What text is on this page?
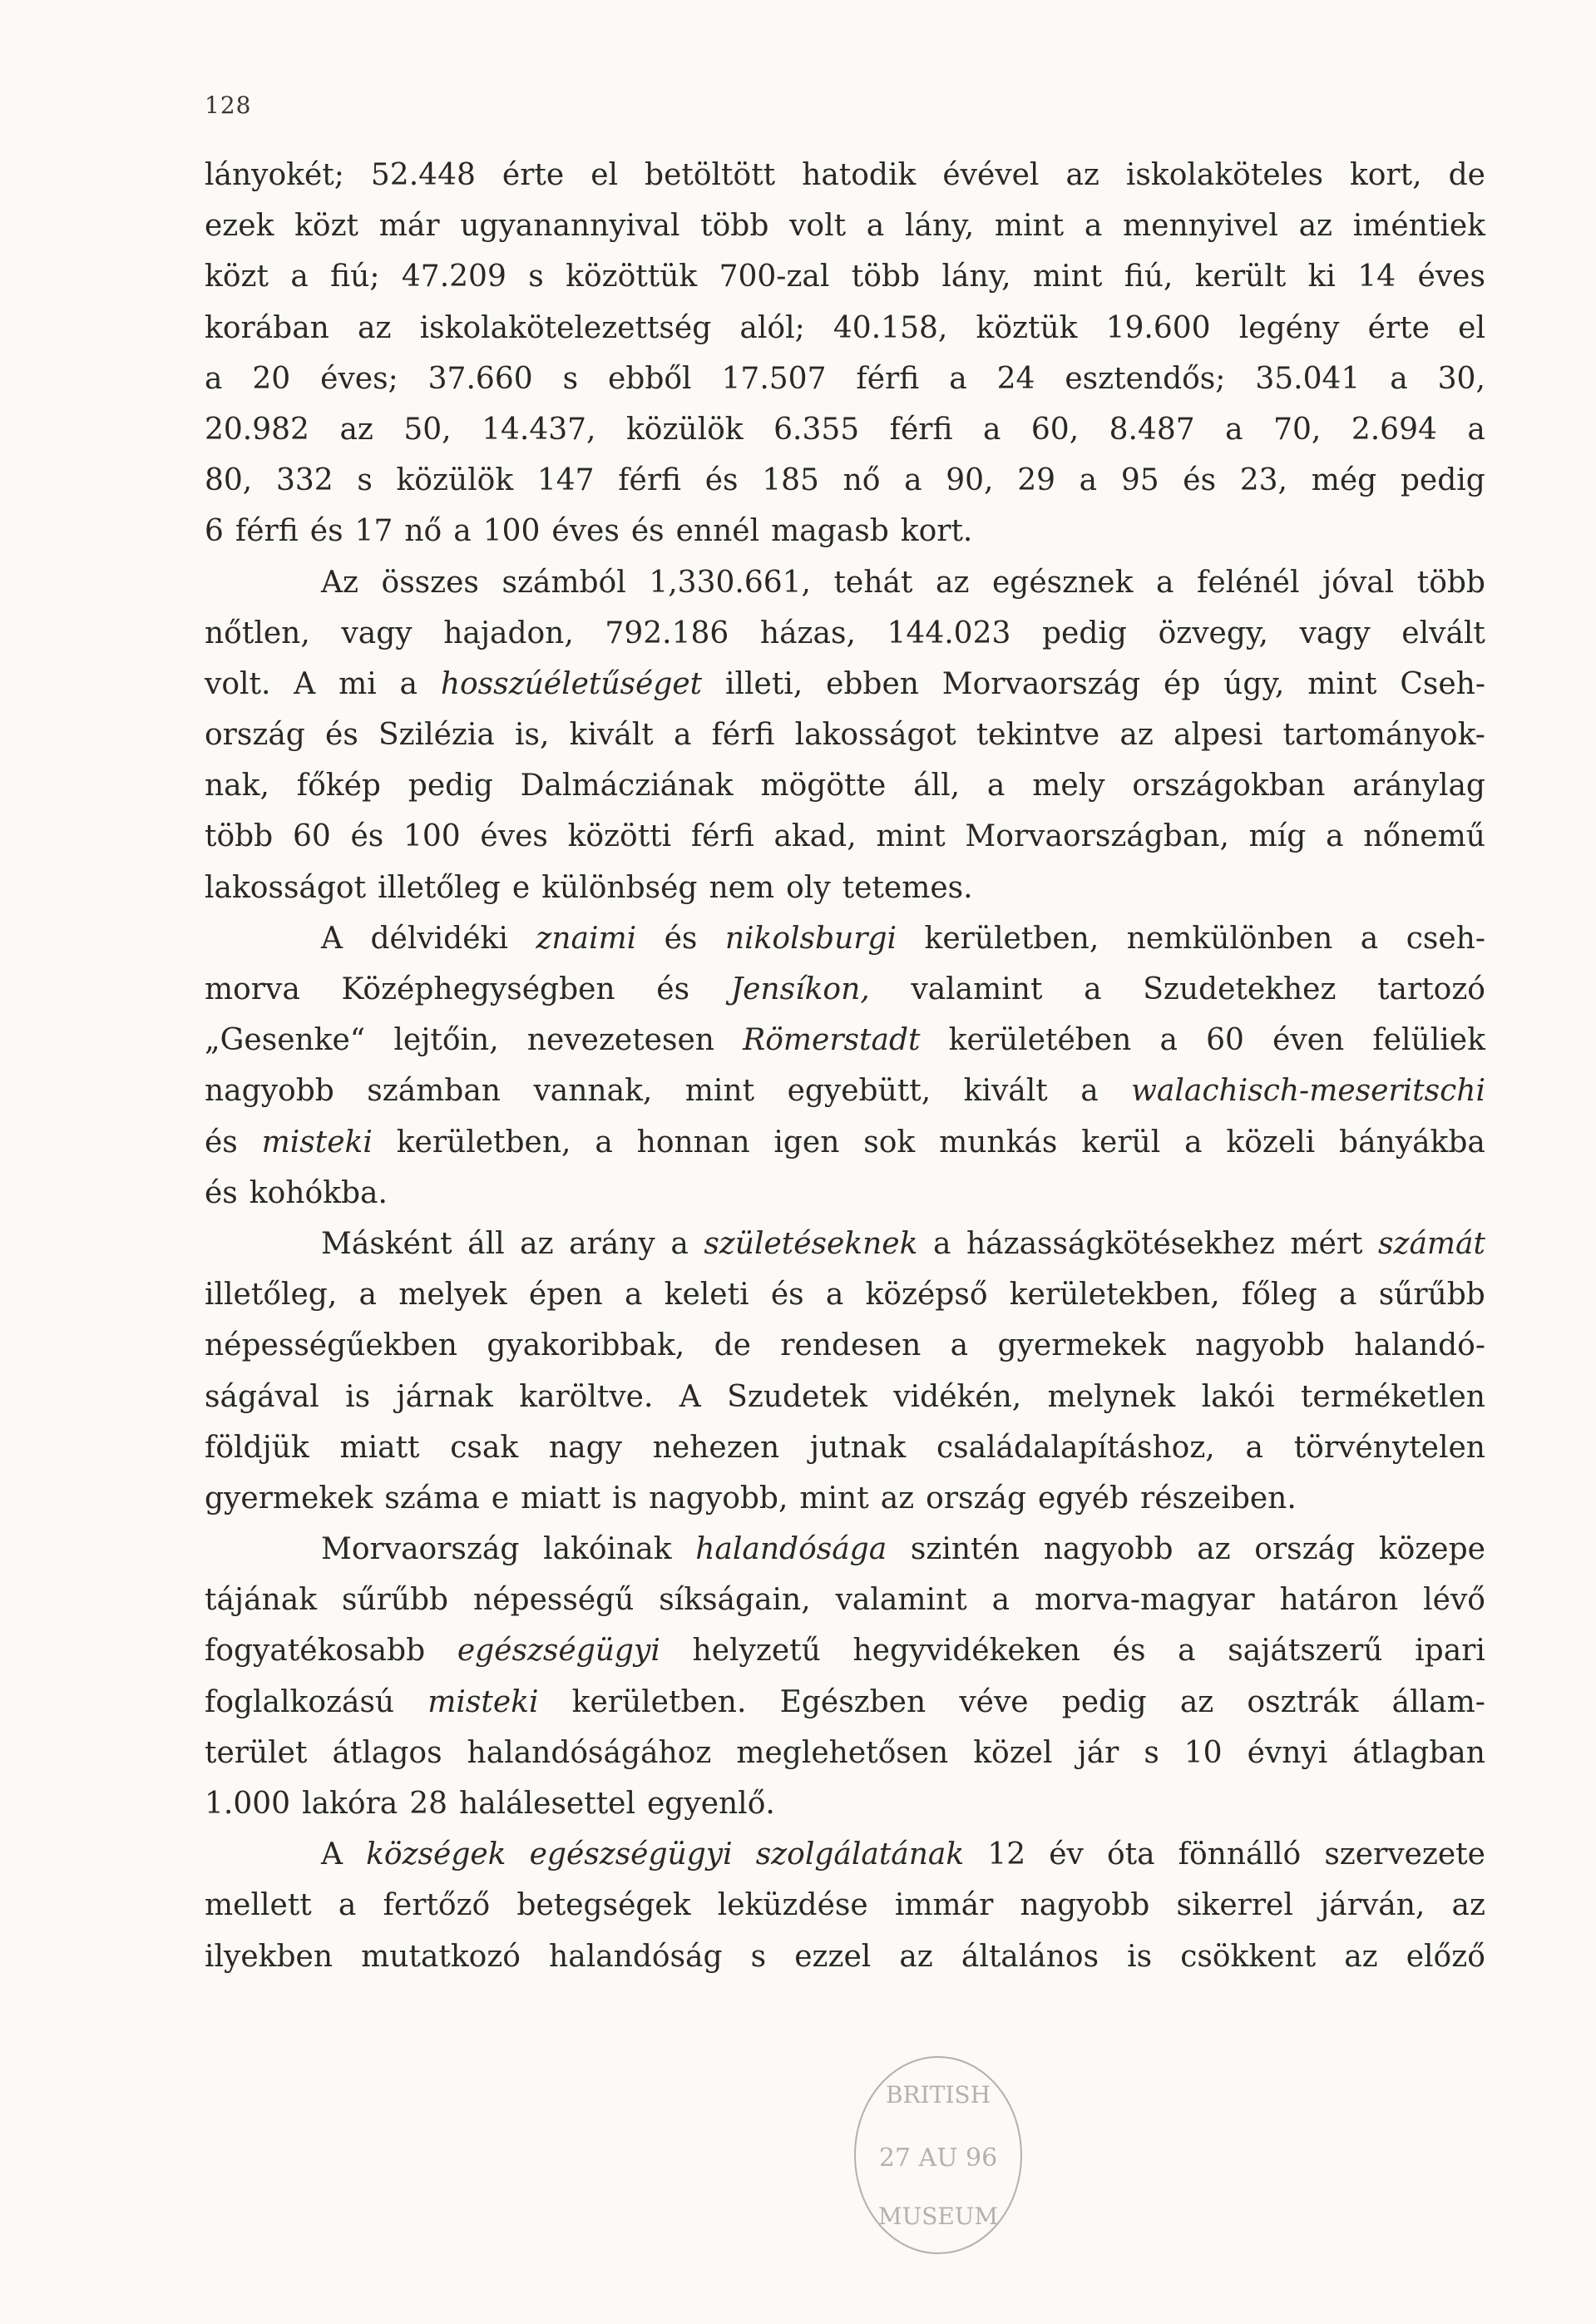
128
lányokét; 52.448 érte el betöltött hatodik évével az iskolaköteles kort, de
ezek közt már ugyanannyival több volt a lány, mint a mennyivel az iméntiek
közt a fiú; 47.209 s közöttük 700-zal több lány, mint fiú, került ki 14 éves
korában az iskolakötelezettség alól; 40.158, köztük 19.600 legény érte el
a 20 éves; 37.660 s ebből 17.507 férfi a 24 esztendős; 35.041 a 30,
20.982 az 50, 14.437, közülök 6.355 férfi a 60, 8.487 a 70, 2.694 a
80, 332 s közülök 147 férfi és 185 nő a 90, 29 a 95 és 23, még pedig
6 férfi és 17 nő a 100 éves és ennél magasb kort.
Az összes számból 1,330.661, tehát az egésznek a felénél jóval több
nőtlen, vagy hajadon, 792.186 házas, 144.023 pedig özvegy, vagy elvált
volt. A mi a hosszúéletűséget illeti, ebben Morvaország ép úgy, mint Cseh-
ország és Szilézia is, kivált a férfi lakosságot tekintve az alpesi tartományok-
nak, főkép pedig Dalmácziának mögötte áll, a mely országokban aránylag
több 60 és 100 éves közötti férfi akad, mint Morvaországban, míg a nőnemű
lakosságot illetőleg e különbség nem oly tetemes.
A délvidéki znaimi és nikolsburgi kerületben, nemkülönben a cseh-
morva Középhegységben és Jensíkon, valamint a Szudetekhez tartozó
„Gesenke“ lejtőin, nevezetesen Römerstadt kerületében a 60 éven felüliek
nagyobb számban vannak, mint egyebütt, kivált a walachisch-meseritschi
és misteki kerületben, a honnan igen sok munkás kerül a közeli bányákba
és kohókba.
Másként áll az arány a születéseknek a házasságkötésekhez mért számát
illetőleg, a melyek épen a keleti és a középső kerületekben, főleg a sűrűbb
népességűekben gyakoribbak, de rendesen a gyermekek nagyobb halandó-
ságával is járnak karöltve. A Szudetek vidékén, melynek lakói terméketlen
földjük miatt csak nagy nehezen jutnak családalapításhoz, a törvénytelen
gyermekek száma e miatt is nagyobb, mint az ország egyéb részeiben.
Morvaország lakóinak halandósága szintén nagyobb az ország közepe
tájának sűrűbb népességű síkságain, valamint a morva-magyar határon lévő
fogyatékosabb egészségügyi helyzetű hegyvidékeken és a sajátszerű ipari
foglalkozású misteki kerületben. Egészben véve pedig az osztrák állam-
terület átlagos halandóságához meglehetősen közel jár s 10 évnyi átlagban
1.000 lakóra 28 halálesettel egyenlő.
A községek egészségügyi szolgálatának 12 év óta fönnálló szervezete
mellett a fertőző betegségek leküzdése immár nagyobb sikerrel járván, az
ilyekben mutatkozó halandóság s ezzel az általános is csökkent az előző
BRITISH
27 AU 96
MUSEUM
